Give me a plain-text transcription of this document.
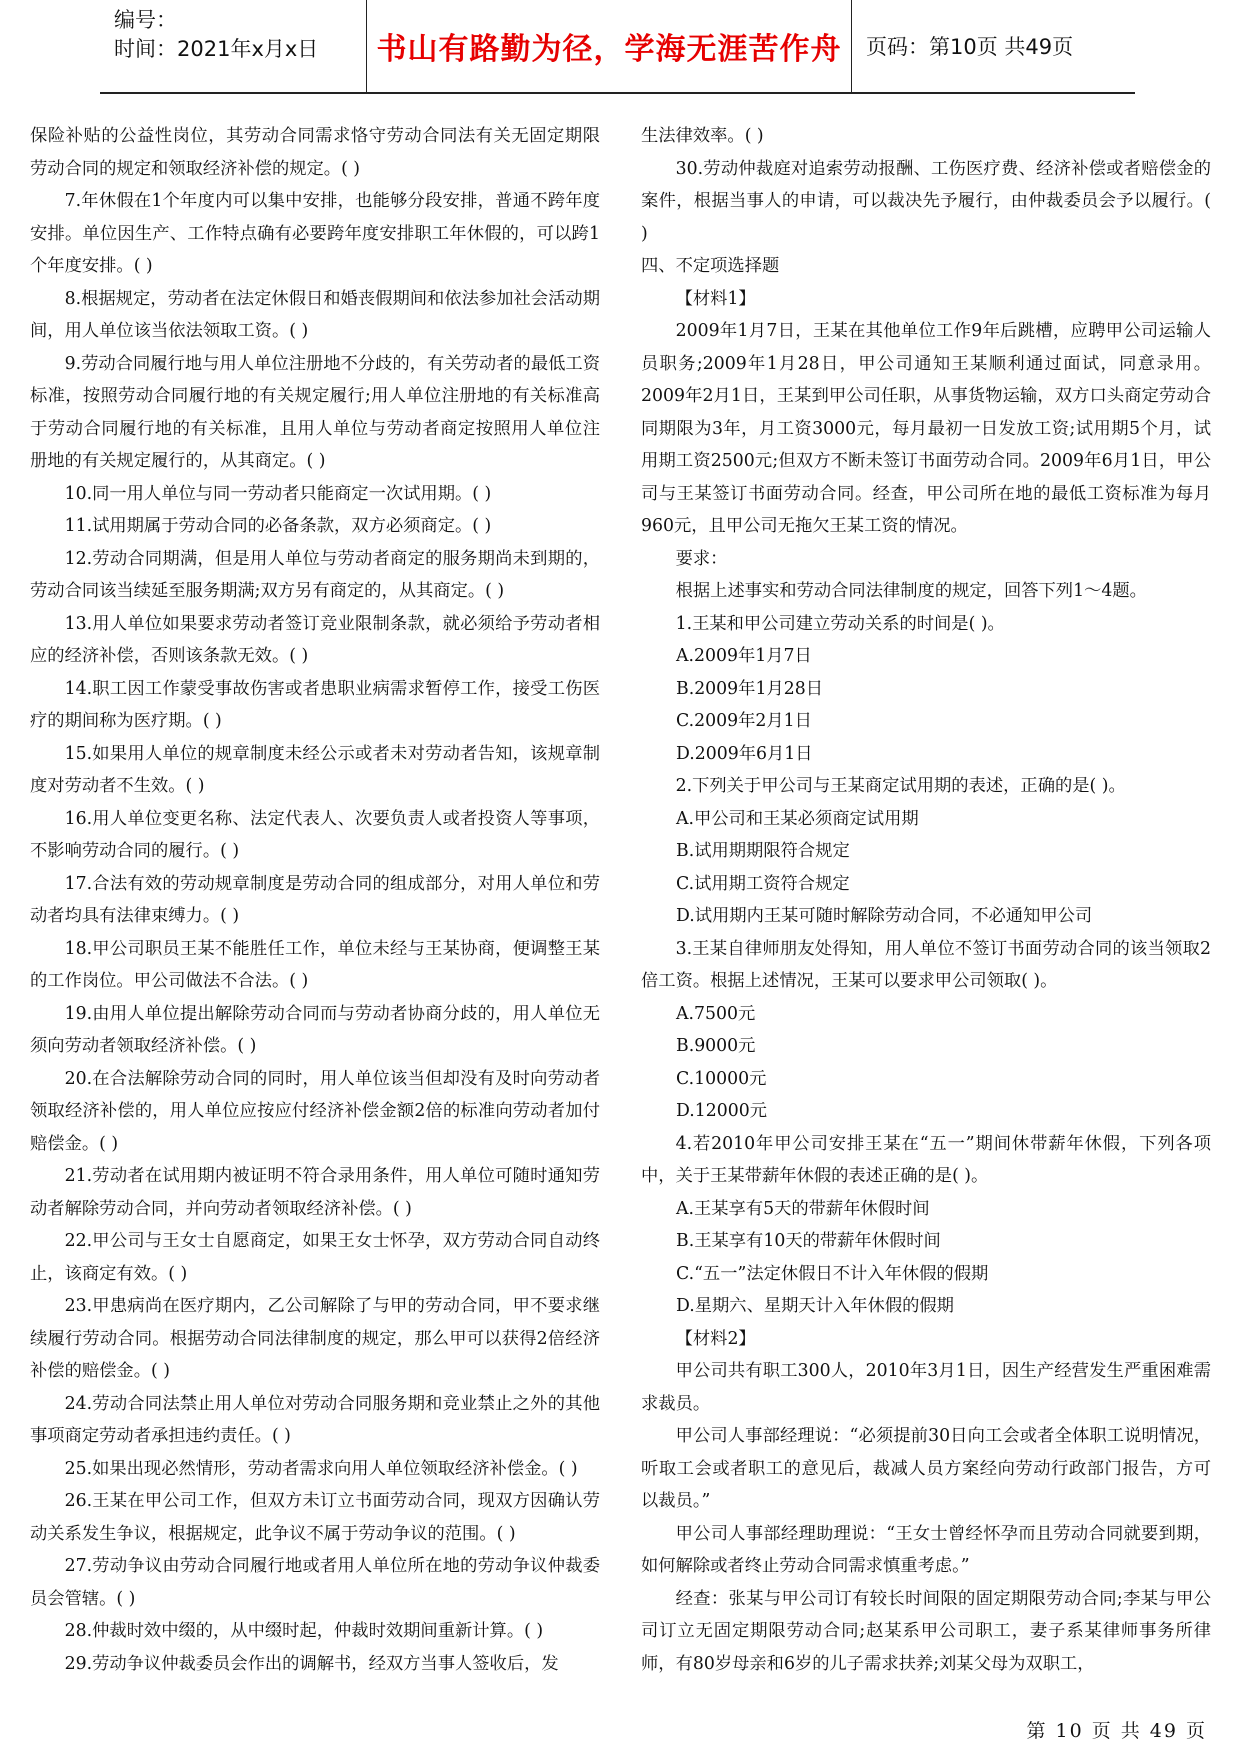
编号：
时间：2021年x月x日	书山有路勤为径，学海无涯苦作舟	页码：第10页 共49页

保险补贴的公益性岗位，其劳动合同需求恪守劳动合同法有关无固定期限劳动合同的规定和领取经济补偿的规定。( )

7.年休假在1个年度内可以集中安排，也能够分段安排，普通不跨年度安排。单位因生产、工作特点确有必要跨年度安排职工年休假的，可以跨1个年度安排。( )

8.根据规定，劳动者在法定休假日和婚丧假期间和依法参加社会活动期间，用人单位该当依法领取工资。( )

9.劳动合同履行地与用人单位注册地不分歧的，有关劳动者的最低工资标准，按照劳动合同履行地的有关规定履行;用人单位注册地的有关标准高于劳动合同履行地的有关标准，且用人单位与劳动者商定按照用人单位注册地的有关规定履行的，从其商定。( )

10.同一用人单位与同一劳动者只能商定一次试用期。( )

11.试用期属于劳动合同的必备条款，双方必须商定。( )

12.劳动合同期满，但是用人单位与劳动者商定的服务期尚未到期的，劳动合同该当续延至服务期满;双方另有商定的，从其商定。( )

13.用人单位如果要求劳动者签订竞业限制条款，就必须给予劳动者相应的经济补偿，否则该条款无效。( )

14.职工因工作蒙受事故伤害或者患职业病需求暂停工作，接受工伤医疗的期间称为医疗期。( )

15.如果用人单位的规章制度未经公示或者未对劳动者告知，该规章制度对劳动者不生效。( )

16.用人单位变更名称、法定代表人、次要负责人或者投资人等事项，不影响劳动合同的履行。( )

17.合法有效的劳动规章制度是劳动合同的组成部分，对用人单位和劳动者均具有法律束缚力。( )

18.甲公司职员王某不能胜任工作，单位未经与王某协商，便调整王某的工作岗位。甲公司做法不合法。( )

19.由用人单位提出解除劳动合同而与劳动者协商分歧的，用人单位无须向劳动者领取经济补偿。( )

20.在合法解除劳动合同的同时，用人单位该当但却没有及时向劳动者领取经济补偿的，用人单位应按应付经济补偿金额2倍的标准向劳动者加付赔偿金。( )

21.劳动者在试用期内被证明不符合录用条件，用人单位可随时通知劳动者解除劳动合同，并向劳动者领取经济补偿。( )

22.甲公司与王女士自愿商定，如果王女士怀孕，双方劳动合同自动终止，该商定有效。( )

23.甲患病尚在医疗期内，乙公司解除了与甲的劳动合同，甲不要求继续履行劳动合同。根据劳动合同法律制度的规定，那么甲可以获得2倍经济补偿的赔偿金。( )

24.劳动合同法禁止用人单位对劳动合同服务期和竞业禁止之外的其他事项商定劳动者承担违约责任。( )

25.如果出现必然情形，劳动者需求向用人单位领取经济补偿金。( )

26.王某在甲公司工作，但双方未订立书面劳动合同，现双方因确认劳动关系发生争议，根据规定，此争议不属于劳动争议的范围。( )

27.劳动争议由劳动合同履行地或者用人单位所在地的劳动争议仲裁委员会管辖。( )

28.仲裁时效中缀的，从中缀时起，仲裁时效期间重新计算。( )

29.劳动争议仲裁委员会作出的调解书，经双方当事人签收后，发

生法律效率。( )

30.劳动仲裁庭对追索劳动报酬、工伤医疗费、经济补偿或者赔偿金的案件，根据当事人的申请，可以裁决先予履行，由仲裁委员会予以履行。( )

四、不定项选择题

【材料1】

2009年1月7日，王某在其他单位工作9年后跳槽，应聘甲公司运输人员职务;2009年1月28日，甲公司通知王某顺利通过面试，同意录用。2009年2月1日，王某到甲公司任职，从事货物运输，双方口头商定劳动合同期限为3年，月工资3000元，每月最初一日发放工资;试用期5个月，试用期工资2500元;但双方不断未签订书面劳动合同。2009年6月1日，甲公司与王某签订书面劳动合同。经查，甲公司所在地的最低工资标准为每月960元，且甲公司无拖欠王某工资的情况。

要求：

根据上述事实和劳动合同法律制度的规定，回答下列1～4题。

1.王某和甲公司建立劳动关系的时间是( )。

A.2009年1月7日

B.2009年1月28日

C.2009年2月1日

D.2009年6月1日

2.下列关于甲公司与王某商定试用期的表述，正确的是( )。

A.甲公司和王某必须商定试用期

B.试用期期限符合规定

C.试用期工资符合规定

D.试用期内王某可随时解除劳动合同，不必通知甲公司

3.王某自律师朋友处得知，用人单位不签订书面劳动合同的该当领取2倍工资。根据上述情况，王某可以要求甲公司领取( )。

A.7500元

B.9000元

C.10000元

D.12000元

4.若2010年甲公司安排王某在“五一”期间休带薪年休假，下列各项中，关于王某带薪年休假的表述正确的是( )。

A.王某享有5天的带薪年休假时间

B.王某享有10天的带薪年休假时间

C.“五一”法定休假日不计入年休假的假期

D.星期六、星期天计入年休假的假期

【材料2】

甲公司共有职工300人，2010年3月1日，因生产经营发生严重困难需求裁员。

甲公司人事部经理说：“必须提前30日向工会或者全体职工说明情况，听取工会或者职工的意见后，裁减人员方案经向劳动行政部门报告，方可以裁员。”

甲公司人事部经理助理说：“王女士曾经怀孕而且劳动合同就要到期，如何解除或者终止劳动合同需求慎重考虑。”

经查：张某与甲公司订有较长时间限的固定期限劳动合同;李某与甲公司订立无固定期限劳动合同;赵某系甲公司职工，妻子系某律师事务所律师，有80岁母亲和6岁的儿子需求扶养;刘某父母为双职工，

第 10 页 共 49 页
